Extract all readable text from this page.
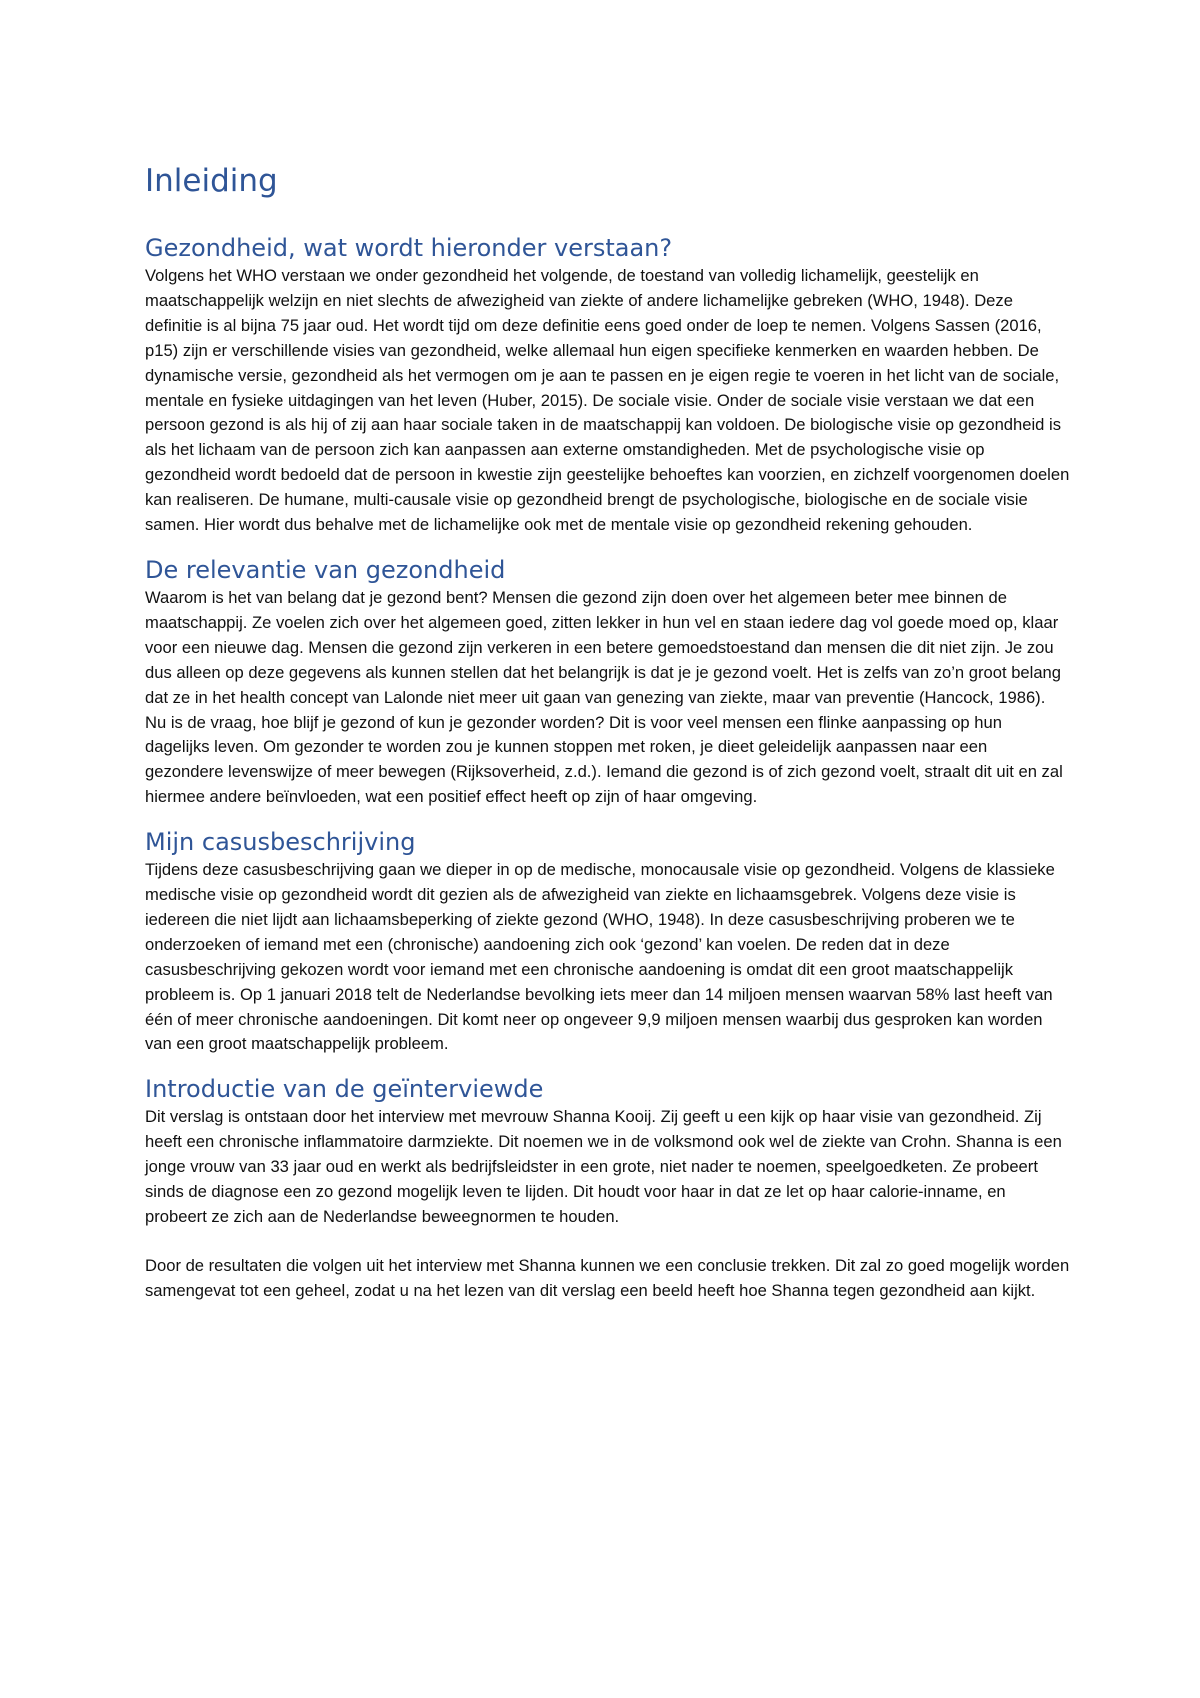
Inleiding
Gezondheid, wat wordt hieronder verstaan?

Volgens het WHO verstaan we onder gezondheid het volgende, de toestand van volledig lichamelijk, geestelijk en maatschappelijk welzijn en niet slechts de afwezigheid van ziekte of andere lichamelijke gebreken (WHO, 1948). Deze definitie is al bijna 75 jaar oud. Het wordt tijd om deze definitie eens goed onder de loep te nemen. Volgens Sassen (2016, p15) zijn er verschillende visies van gezondheid, welke allemaal hun eigen specifieke kenmerken en waarden hebben. De dynamische versie, gezondheid als het vermogen om je aan te passen en je eigen regie te voeren in het licht van de sociale, mentale en fysieke uitdagingen van het leven (Huber, 2015). De sociale visie. Onder de sociale visie verstaan we dat een persoon gezond is als hij of zij aan haar sociale taken in de maatschappij kan voldoen. De biologische visie op gezondheid is als het lichaam van de persoon zich kan aanpassen aan externe omstandigheden. Met de psychologische visie op gezondheid wordt bedoeld dat de persoon in kwestie zijn geestelijke behoeftes kan voorzien, en zichzelf voorgenomen doelen kan realiseren. De humane, multi-causale visie op gezondheid brengt de psychologische, biologische en de sociale visie samen. Hier wordt dus behalve met de lichamelijke ook met de mentale visie op gezondheid rekening gehouden.

De relevantie van gezondheid

Waarom is het van belang dat je gezond bent? Mensen die gezond zijn doen over het algemeen beter mee binnen de maatschappij. Ze voelen zich over het algemeen goed, zitten lekker in hun vel en staan iedere dag vol goede moed op, klaar voor een nieuwe dag. Mensen die gezond zijn verkeren in een betere gemoedstoestand dan mensen die dit niet zijn. Je zou dus alleen op deze gegevens als kunnen stellen dat het belangrijk is dat je je gezond voelt. Het is zelfs van zo’n groot belang dat ze in het health concept van Lalonde niet meer uit gaan van genezing van ziekte, maar van preventie (Hancock, 1986). Nu is de vraag, hoe blijf je gezond of kun je gezonder worden? Dit is voor veel mensen een flinke aanpassing op hun dagelijks leven. Om gezonder te worden zou je kunnen stoppen met roken, je dieet geleidelijk aanpassen naar een gezondere levenswijze of meer bewegen (Rijksoverheid, z.d.). Iemand die gezond is of zich gezond voelt, straalt dit uit en zal hiermee andere beïnvloeden, wat een positief effect heeft op zijn of haar omgeving.

Mijn casusbeschrijving

Tijdens deze casusbeschrijving gaan we dieper in op de medische, monocausale visie op gezondheid. Volgens de klassieke medische visie op gezondheid wordt dit gezien als de afwezigheid van ziekte en lichaamsgebrek. Volgens deze visie is iedereen die niet lijdt aan lichaamsbeperking of ziekte gezond (WHO, 1948). In deze casusbeschrijving proberen we te onderzoeken of iemand met een (chronische) aandoening zich ook ‘gezond’ kan voelen. De reden dat in deze casusbeschrijving gekozen wordt voor iemand met een chronische aandoening is omdat dit een groot maatschappelijk probleem is. Op 1 januari 2018 telt de Nederlandse bevolking iets meer dan 14 miljoen mensen waarvan 58% last heeft van één of meer chronische aandoeningen. Dit komt neer op ongeveer 9,9 miljoen mensen waarbij dus gesproken kan worden van een groot maatschappelijk probleem.

Introductie van de geïnterviewde

Dit verslag is ontstaan door het interview met mevrouw Shanna Kooij. Zij geeft u een kijk op haar visie van gezondheid. Zij heeft een chronische inflammatoire darmziekte. Dit noemen we in de volksmond ook wel de ziekte van Crohn. Shanna is een jonge vrouw van 33 jaar oud en werkt als bedrijfsleidster in een grote, niet nader te noemen, speelgoedketen. Ze probeert sinds de diagnose een zo gezond mogelijk leven te lijden. Dit houdt voor haar in dat ze let op haar calorie-inname, en probeert ze zich aan de Nederlandse beweegnormen te houden.

Door de resultaten die volgen uit het interview met Shanna kunnen we een conclusie trekken. Dit zal zo goed mogelijk worden samengevat tot een geheel, zodat u na het lezen van dit verslag een beeld heeft hoe Shanna tegen gezondheid aan kijkt.
